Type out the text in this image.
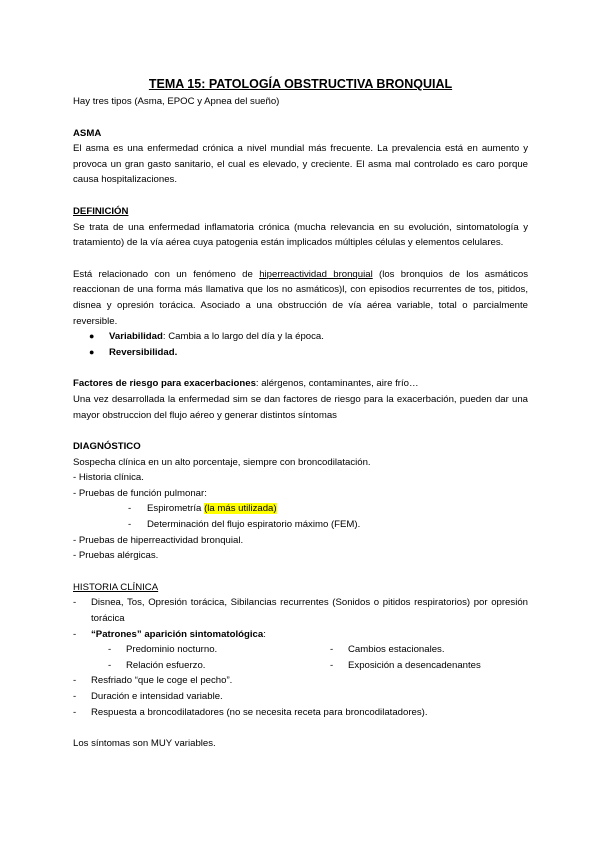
TEMA 15: PATOLOGÍA OBSTRUCTIVA BRONQUIAL

Hay tres tipos (Asma, EPOC y Apnea del sueño)

ASMA

El asma es una enfermedad crónica a nivel mundial más frecuente. La prevalencia está en aumento y provoca un gran gasto sanitario, el cual es elevado, y creciente. El asma mal controlado es caro porque causa hospitalizaciones.

DEFINICIÓN

Se trata de una enfermedad inflamatoria crónica (mucha relevancia en su evolución, sintomatología y tratamiento) de la vía aérea cuya patogenia están implicados múltiples células y elementos celulares.

Está relacionado con un fenómeno de hiperreactividad bronquial (los bronquios de los asmáticos reaccionan de una forma más llamativa que los no asmáticos)l, con episodios recurrentes de tos, pitidos, disnea y opresión torácica. Asociado a una obstrucción de vía aérea variable, total o parcialmente reversible.

● Variabilidad: Cambia a lo largo del día y la época.
● Reversibilidad.

Factores de riesgo para exacerbaciones: alérgenos, contaminantes, aire frío…

Una vez desarrollada la enfermedad sim se dan factores de riesgo para la exacerbación, pueden dar una mayor obstruccion del flujo aéreo y generar distintos síntomas

DIAGNÓSTICO

Sospecha clínica en un alto porcentaje, siempre con broncodilatación.

- Historia clínica.

- Pruebas de función pulmonar:

- Espirometría (la más utilizada)

- Determinación del flujo espiratorio máximo (FEM).

- Pruebas de hiperreactividad bronquial.

- Pruebas alérgicas.

HISTORIA CLÍNICA

- Disnea, Tos, Opresión torácica, Sibilancias recurrentes (Sonidos o pitidos respiratorios) por opresión torácica

- “Patrones” aparición sintomatológica:

- Predominio nocturno.

- Relación esfuerzo.

- Cambios estacionales.

- Exposición a desencadenantes

- Resfriado “que le coge el pecho”.

- Duración e intensidad variable.

- Respuesta a broncodilatadores (no se necesita receta para broncodilatadores).

Los síntomas son MUY variables.
